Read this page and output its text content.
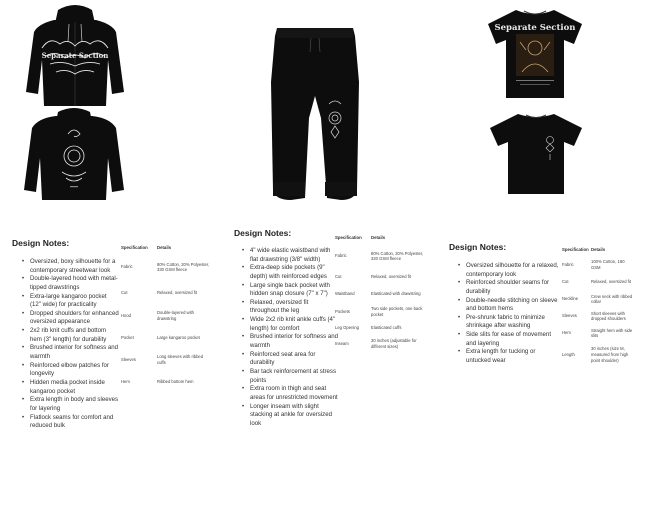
Separate Section
Separate Section
Design Notes:
• Oversized, boxy silhouette for a contemporary streetwear look
• Double-layered hood with metal-tipped drawstrings
• Extra-large kangaroo pocket (12" wide) for practicality
• Dropped shoulders for enhanced oversized appearance
• 2x2 rib knit cuffs and bottom hem (3" length) for durability
• Brushed interior for softness and warmth
• Reinforced elbow patches for longevity
• Hidden media pocket inside kangaroo pocket
• Extra length in body and sleeves for layering
• Flatlock seams for comfort and reduced bulk
Specification	Details
Fabric	80% Cotton, 20% Polyester, 330 GSM fleece
Cut	Relaxed, oversized fit
Hood	Double-layered with drawstring
Pocket	Large kangaroo pocket
Sleeves	Long sleeves with ribbed cuffs
Hem	Ribbed bottom hem
Design Notes:
• 4" wide elastic waistband with flat drawstring (3/8" width)
• Extra-deep side pockets (9" depth) with reinforced edges
• Large single back pocket with hidden snap closure (7" x 7")
• Relaxed, oversized fit throughout the leg
• Wide 2x2 rib knit ankle cuffs (4" length) for comfort
• Brushed interior for softness and warmth
• Reinforced seat area for durability
• Bar tack reinforcement at stress points
• Extra room in thigh and seat areas for unrestricted movement
• Longer inseam with slight stacking at ankle for oversized look
Specification	Details
Fabric	80% Cotton, 20% Polyester, 320 GSM fleece
Cut	Relaxed, oversized fit
Waistband	Elasticated with drawstring
Pockets	Two side pockets, one back pocket
Leg Opening	Elasticated cuffs
Inseam	30 inches (adjustable for different sizes)
Design Notes:
• Oversized silhouette for a relaxed, contemporary look
• Reinforced shoulder seams for durability
• Double-needle stitching on sleeve and bottom hems
• Pre-shrunk fabric to minimize shrinkage after washing
• Side slits for ease of movement and layering
• Extra length for tucking or untucked wear
Specification	Details
Fabric	100% Cotton, 180 GSM
Cut	Relaxed, oversized fit
Neckline	Crew neck with ribbed collar
Sleeves	Short sleeves with dropped shoulders
Hem	Straight hem with side slits
Length	30 inches (size M, measured from high point shoulder)
